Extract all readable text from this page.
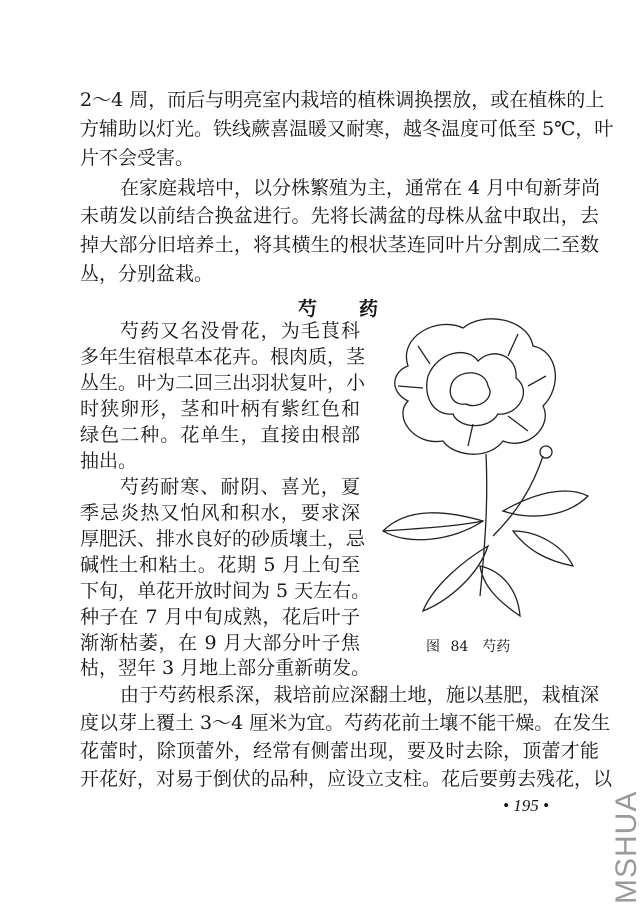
2～4 周，而后与明亮室内栽培的植株调换摆放，或在植株的上
方辅助以灯光。铁线蕨喜温暖又耐寒，越冬温度可低至 5℃，叶
片不会受害。
在家庭栽培中，以分株繁殖为主，通常在 4 月中旬新芽尚
未萌发以前结合换盆进行。先将长满盆的母株从盆中取出，去
掉大部分旧培养土，将其横生的根状茎连同叶片分割成二至数
丛，分别盆栽。
芍　药
芍药又名没骨花，为毛茛科
多年生宿根草本花卉。根肉质，茎
丛生。叶为二回三出羽状复叶，小
时狭卵形，茎和叶柄有紫红色和
绿色二种。花单生，直接由根部
抽出。
芍药耐寒、耐阴、喜光，夏
季忌炎热又怕风和积水，要求深
厚肥沃、排水良好的砂质壤土，忌
碱性土和粘土。花期 5 月上旬至
下旬，单花开放时间为 5 天左右。
种子在 7 月中旬成熟，花后叶子
渐渐枯萎，在 9 月大部分叶子焦
枯，翌年 3 月地上部分重新萌发。
图 84　芍药
由于芍药根系深，栽培前应深翻土地，施以基肥，栽植深
度以芽上覆土 3～4 厘米为宜。芍药花前土壤不能干燥。在发生
花蕾时，除顶蕾外，经常有侧蕾出现，要及时去除，顶蕾才能
开花好，对易于倒伏的品种，应设立支柱。花后要剪去残花，以
• 195 • MSHUA
